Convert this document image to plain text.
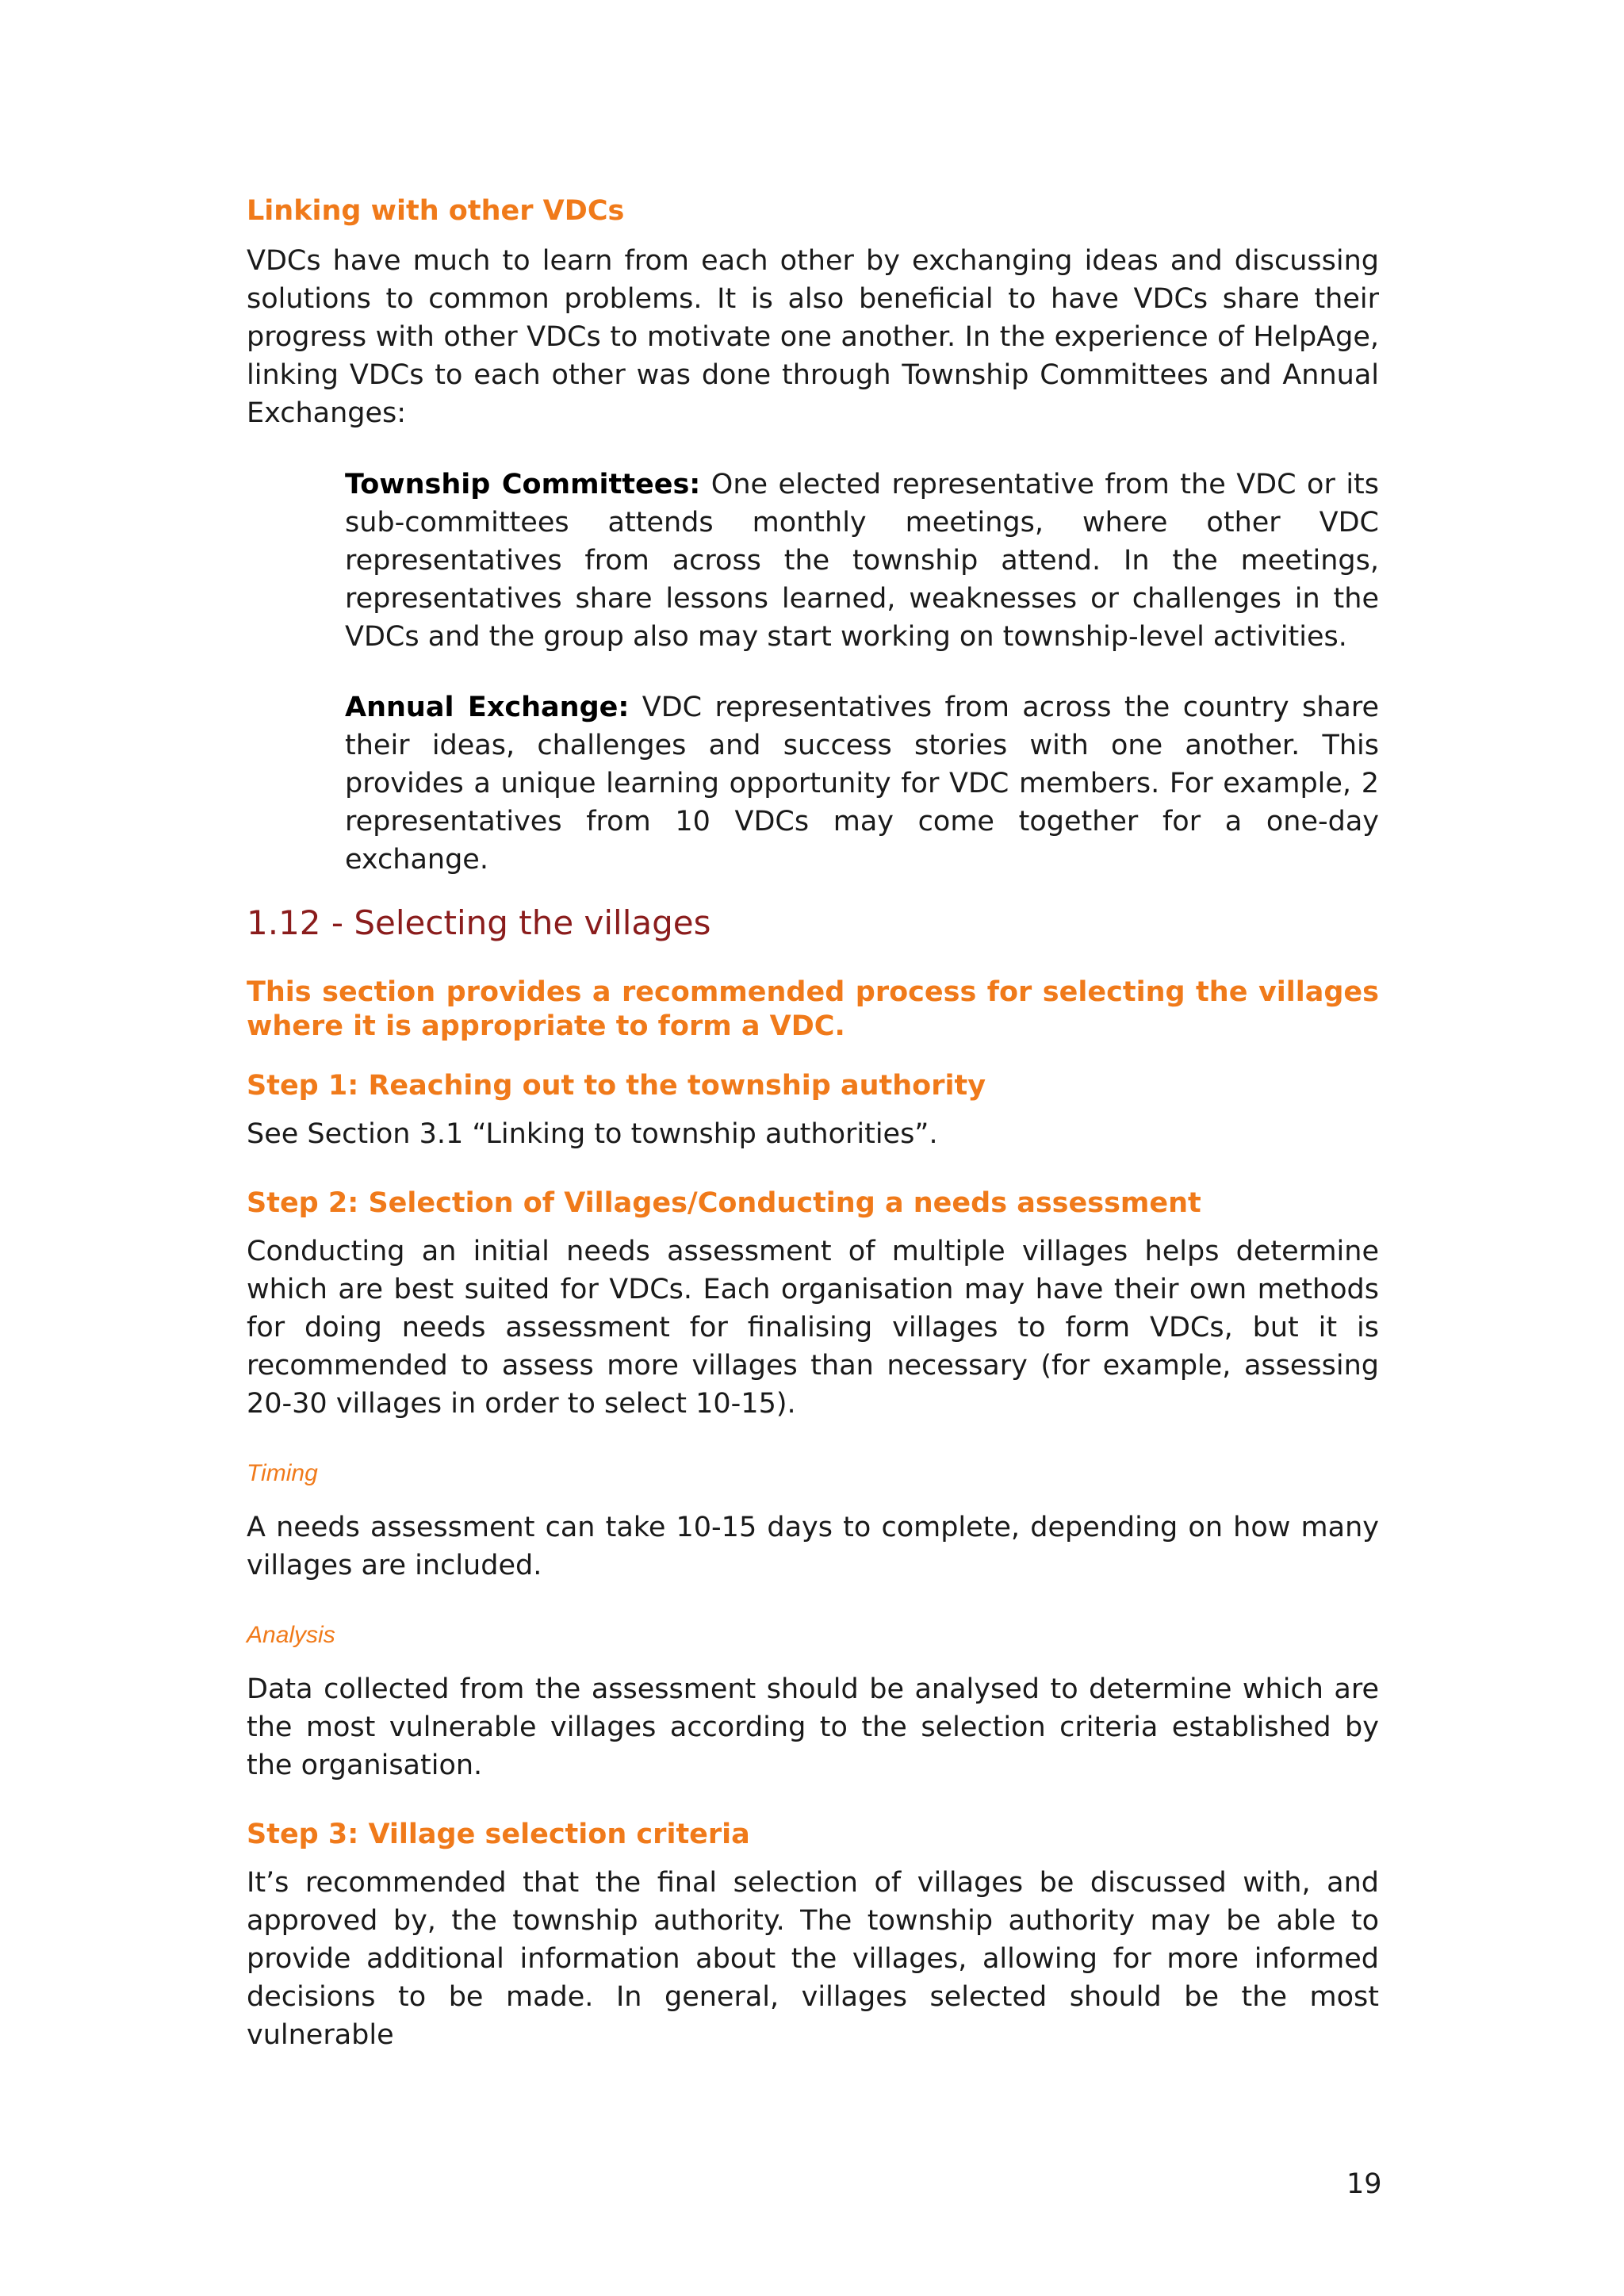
Linking with other VDCs

VDCs have much to learn from each other by exchanging ideas and discussing solutions to common problems. It is also beneficial to have VDCs share their progress with other VDCs to motivate one another. In the experience of HelpAge, linking VDCs to each other was done through Township Committees and Annual Exchanges:

Township Committees: One elected representative from the VDC or its sub-committees attends monthly meetings, where other VDC representatives from across the township attend. In the meetings, representatives share lessons learned, weaknesses or challenges in the VDCs and the group also may start working on township-level activities.

Annual Exchange: VDC representatives from across the country share their ideas, challenges and success stories with one another. This provides a unique learning opportunity for VDC members. For example, 2 representatives from 10 VDCs may come together for a one-day exchange.

1.12 - Selecting the villages

This section provides a recommended process for selecting the villages where it is appropriate to form a VDC.

Step 1: Reaching out to the township authority

See Section 3.1 “Linking to township authorities”.

Step 2: Selection of Villages/Conducting a needs assessment

Conducting an initial needs assessment of multiple villages helps determine which are best suited for VDCs. Each organisation may have their own methods for doing needs assessment for finalising villages to form VDCs, but it is recommended to assess more villages than necessary (for example, assessing 20-30 villages in order to select 10-15).

Timing

A needs assessment can take 10-15 days to complete, depending on how many villages are included.

Analysis

Data collected from the assessment should be analysed to determine which are the most vulnerable villages according to the selection criteria established by the organisation.

Step 3: Village selection criteria

It’s recommended that the final selection of villages be discussed with, and approved by, the township authority. The township authority may be able to provide additional information about the villages, allowing for more informed decisions to be made. In general, villages selected should be the most vulnerable

19
